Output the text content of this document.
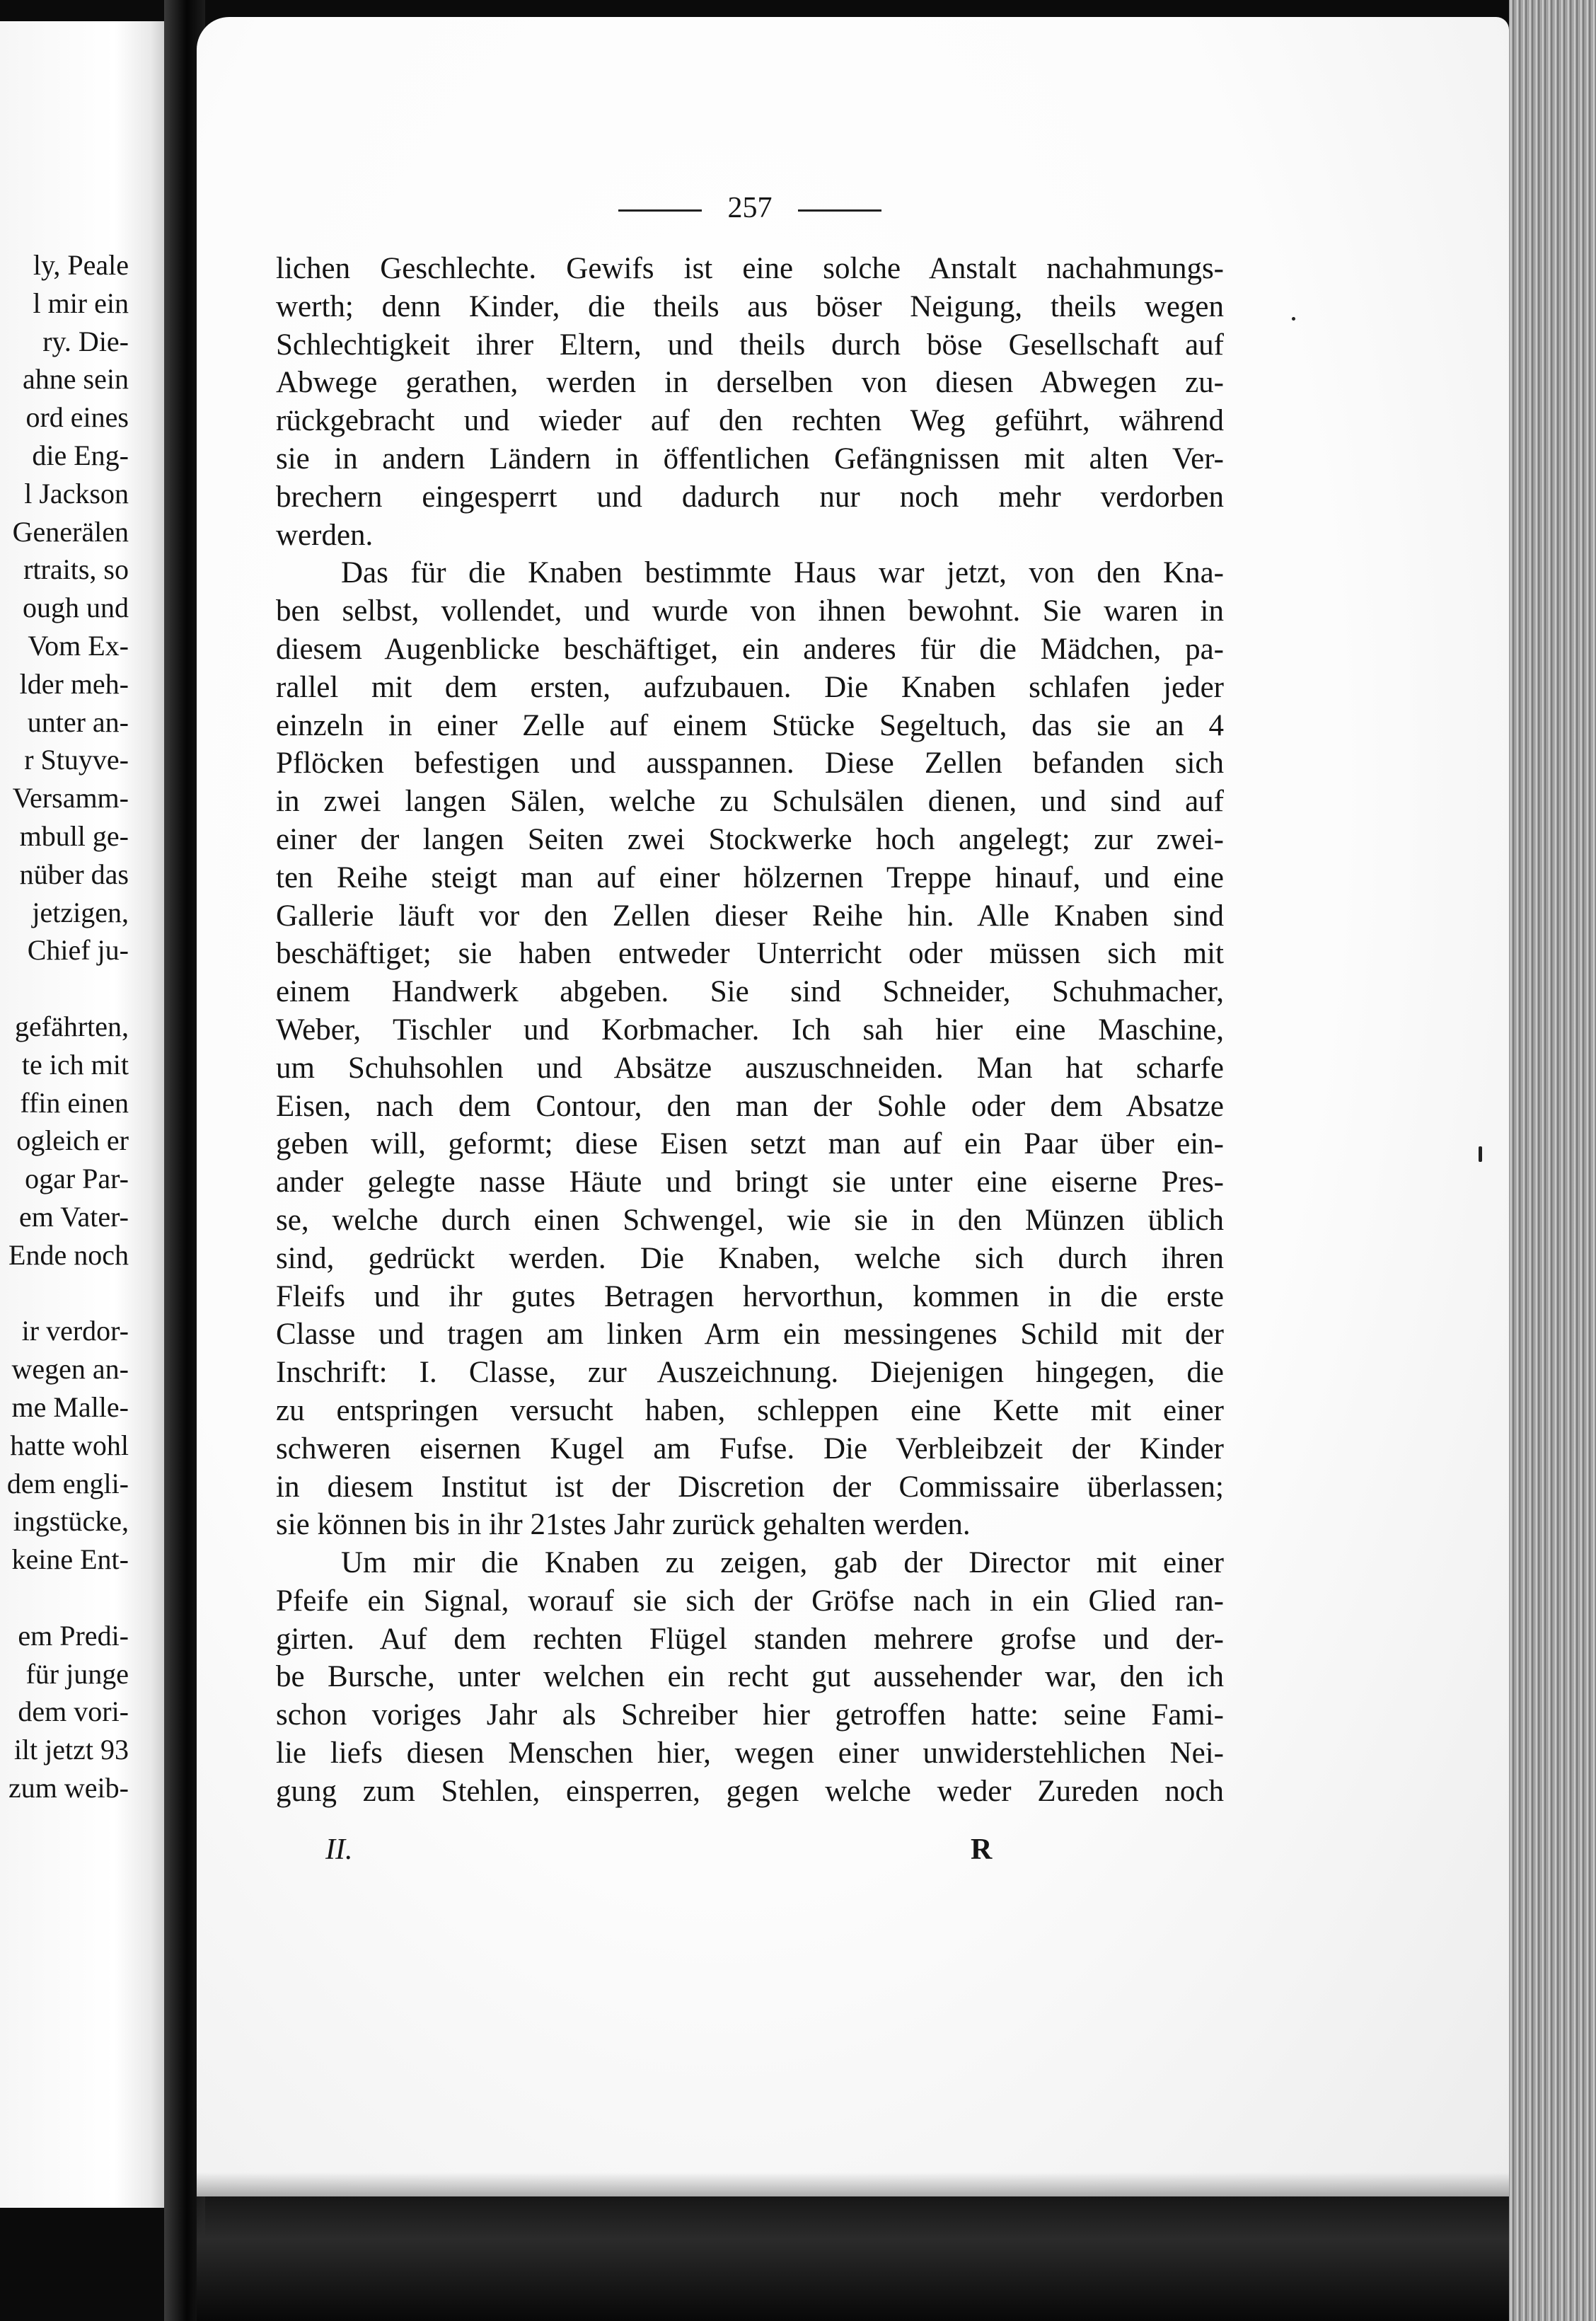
ly, Peale
l mir ein
ry. Die-
ahne sein
ord eines
die Eng-
l Jackson
Generälen
rtraits, so
ough und
Vom Ex-
lder meh-
unter an-
r Stuyve-
Versamm-
mbull ge-
nüber das
jetzigen,
Chief ju-
gefährten,
te ich mit
ffin einen
ogleich er
ogar Par-
em Vater-
Ende noch
ir verdor-
wegen an-
me Malle-
hatte wohl
dem engli-
ingstücke,
keine Ent-
em Predi-
für junge
dem vori-
ilt jetzt 93
zum weib-
257
lichen Geschlechte. Gewifs ist eine solche Anstalt nachahmungs-
werth; denn Kinder, die theils aus böser Neigung, theils wegen
Schlechtigkeit ihrer Eltern, und theils durch böse Gesellschaft auf
Abwege gerathen, werden in derselben von diesen Abwegen zu-
rückgebracht und wieder auf den rechten Weg geführt, während
sie in andern Ländern in öffentlichen Gefängnissen mit alten Ver-
brechern eingesperrt und dadurch nur noch mehr verdorben
werden.
Das für die Knaben bestimmte Haus war jetzt, von den Kna-
ben selbst, vollendet, und wurde von ihnen bewohnt. Sie waren in
diesem Augenblicke beschäftiget, ein anderes für die Mädchen, pa-
rallel mit dem ersten, aufzubauen. Die Knaben schlafen jeder
einzeln in einer Zelle auf einem Stücke Segeltuch, das sie an 4
Pflöcken befestigen und ausspannen. Diese Zellen befanden sich
in zwei langen Sälen, welche zu Schulsälen dienen, und sind auf
einer der langen Seiten zwei Stockwerke hoch angelegt; zur zwei-
ten Reihe steigt man auf einer hölzernen Treppe hinauf, und eine
Gallerie läuft vor den Zellen dieser Reihe hin. Alle Knaben sind
beschäftiget; sie haben entweder Unterricht oder müssen sich mit
einem Handwerk abgeben. Sie sind Schneider, Schuhmacher,
Weber, Tischler und Korbmacher. Ich sah hier eine Maschine,
um Schuhsohlen und Absätze auszuschneiden. Man hat scharfe
Eisen, nach dem Contour, den man der Sohle oder dem Absatze
geben will, geformt; diese Eisen setzt man auf ein Paar über ein-
ander gelegte nasse Häute und bringt sie unter eine eiserne Pres-
se, welche durch einen Schwengel, wie sie in den Münzen üblich
sind, gedrückt werden. Die Knaben, welche sich durch ihren
Fleifs und ihr gutes Betragen hervorthun, kommen in die erste
Classe und tragen am linken Arm ein messingenes Schild mit der
Inschrift: I. Classe, zur Auszeichnung. Diejenigen hingegen, die
zu entspringen versucht haben, schleppen eine Kette mit einer
schweren eisernen Kugel am Fufse. Die Verbleibzeit der Kinder
in diesem Institut ist der Discretion der Commissaire überlassen;
sie können bis in ihr 21stes Jahr zurück gehalten werden.
Um mir die Knaben zu zeigen, gab der Director mit einer
Pfeife ein Signal, worauf sie sich der Gröfse nach in ein Glied ran-
girten. Auf dem rechten Flügel standen mehrere grofse und der-
be Bursche, unter welchen ein recht gut aussehender war, den ich
schon voriges Jahr als Schreiber hier getroffen hatte: seine Fami-
lie liefs diesen Menschen hier, wegen einer unwiderstehlichen Nei-
gung zum Stehlen, einsperren, gegen welche weder Zureden noch
II.	R
